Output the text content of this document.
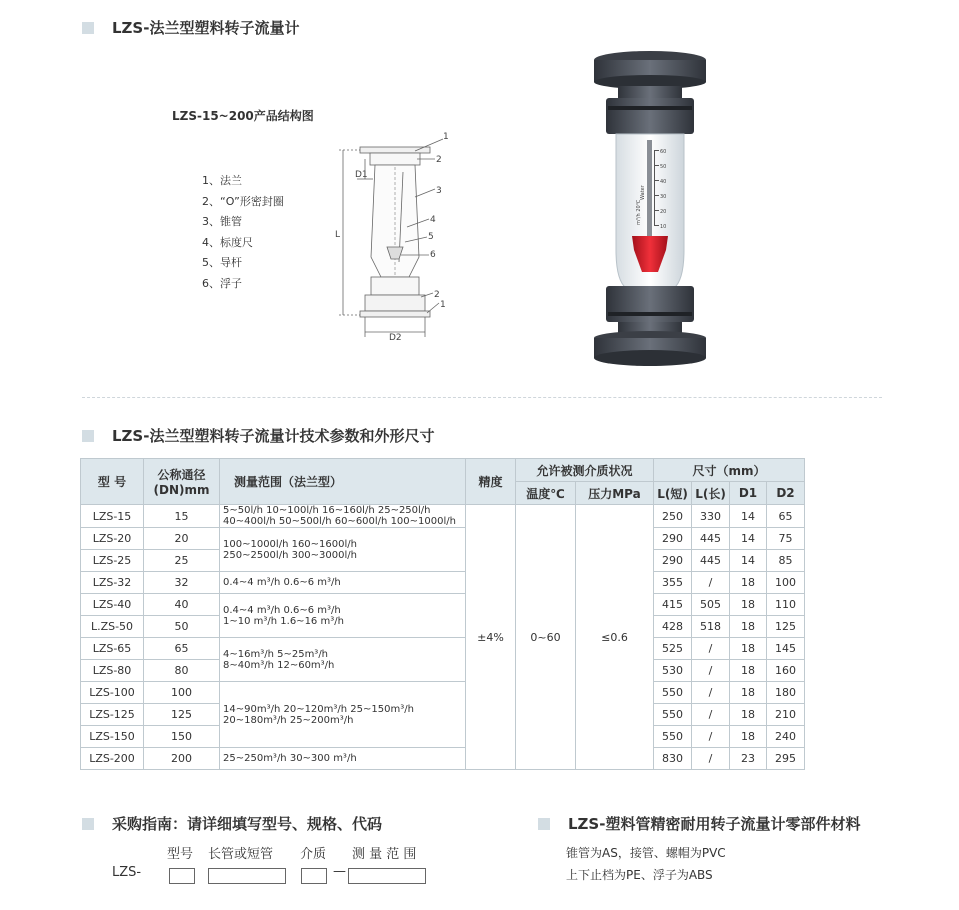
LZS-法兰型塑料转子流量计
LZS-15~200产品结构图
1、法兰
2、“O”形密封圈
3、锥管
4、标度尺
5、导杆
6、浮子
1
2
3
4
5
6
2
1
D1
D2
L
60
50
40
30
20
10
Water
m³/h 20℃
LZS-法兰型塑料转子流量计技术参数和外形尺寸
型 号	公称通径
(DN)mm	测量范围（法兰型）	精度	允许被测介质状况		尺寸（mm）			
				温度℃	压力MPa	L(短)	L(长)	D1	D2
LZS-15	15	5~50l/h 10~100l/h 16~160l/h 25~250l/h
40~400l/h 50~500l/h 60~600l/h 100~1000l/h	±4%	0~60	≤0.6	250	330	14	65
LZS-20	20	100~1000l/h 160~1600l/h
250~2500l/h 300~3000l/h				290	445	14	75
LZS-25	25					290	445	14	85
LZS-32	32	0.4~4 m³/h 0.6~6 m³/h				355	/	18	100
LZS-40	40	0.4~4 m³/h 0.6~6 m³/h
1~10 m³/h 1.6~16 m³/h				415	505	18	110
L.ZS-50	50					428	518	18	125
LZS-65	65	4~16m³/h 5~25m³/h
8~40m³/h 12~60m³/h				525	/	18	145
LZS-80	80					530	/	18	160
LZS-100	100	14~90m³/h 20~120m³/h 25~150m³/h
20~180m³/h 25~200m³/h				550	/	18	180
LZS-125	125					550	/	18	210
LZS-150	150					550	/	18	240
LZS-200	200	25~250m³/h 30~300 m³/h				830	/	23	295
采购指南：请详细填写型号、规格、代码
型号 长管或短管 介质 测 量 范 围
LZS-	—
LZS-塑料管精密耐用转子流量计零部件材料
锥管为AS，接管、螺帽为PVC
上下止档为PE、浮子为ABS
